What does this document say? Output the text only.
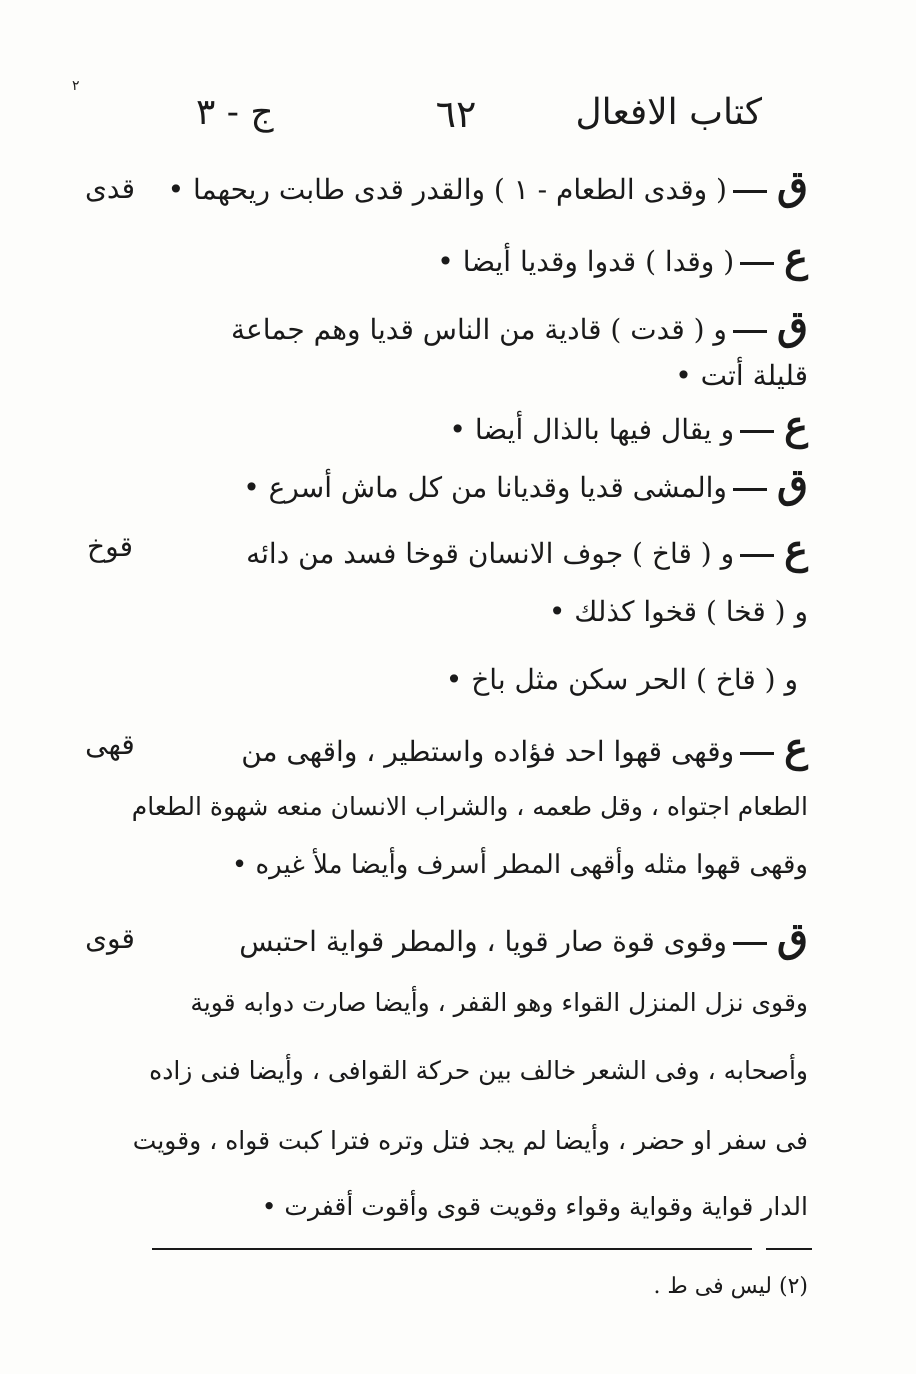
٢
كتاب الافعال
٦٢
ج - ٣
قدى
قوخ
قهى
قوى
ق( وقدى الطعام - ١ ) والقدر قدى طابت ريحهما •
ع( وقدا ) قدوا وقديا أيضا •
قو ( قدت ) قادية من الناس قديا وهم جماعة
قليلة أتت •
عو يقال فيها بالذال أيضا •
قوالمشى قديا وقديانا من كل ماش أسرع •
عو ( قاخ ) جوف الانسان قوخا فسد من دائه
و ( قخا ) قخوا كذلك •
و ( قاخ ) الحر سكن مثل باخ •
عوقهى قهوا احد فؤاده واستطير ، واقهى من
الطعام اجتواه ، وقل طعمه ، والشراب الانسان منعه شهوة الطعام
وقهى قهوا مثله وأقهى المطر أسرف وأيضا ملأ غيره •
قوقوى قوة صار قويا ، والمطر قواية احتبس
وقوى نزل المنزل القواء وهو القفر ، وأيضا صارت دوابه قوية
وأصحابه ، وفى الشعر خالف بين حركة القوافى ، وأيضا فنى زاده
فى سفر او حضر ، وأيضا لم يجد فتل وتره فترا كبت قواه ، وقويت
الدار قواية وقواية وقواء وقويت قوى وأقوت أقفرت •
(٢) ليس فى ط .
